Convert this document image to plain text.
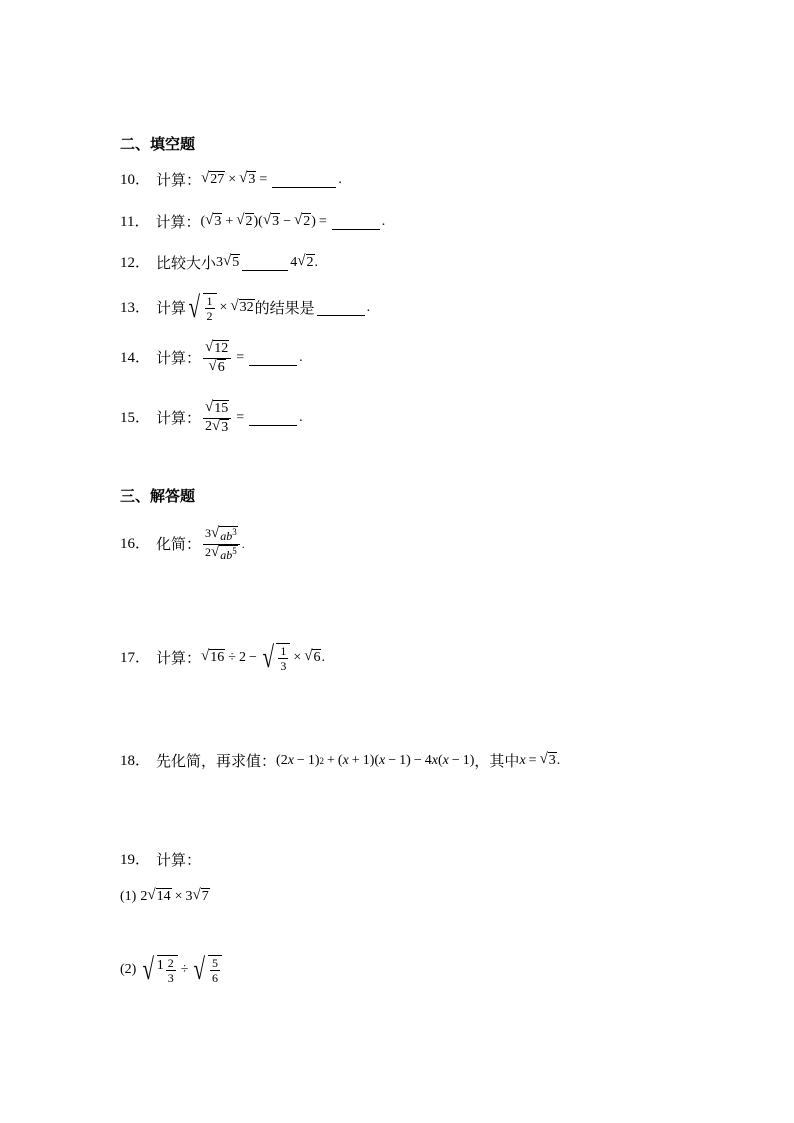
二、填空题
10． 计算： √ 27 × √ 3 =	.
11． 计算： ( √ 3 + √ 2 )( √ 3 − √ 2 ) =	.
12． 比较大小 3 √ 5	4 √ 2 .
13． 计算 √ $\frac{1}{2}$ × √ 32 的结果是	.
14． 计算： $\frac{√ 12}{√ 6}$ =	.
15． 计算： $\frac{√ 15}{2 √ 3}$ =	.
三、解答题
16． 化简： $\frac{3 √ ab^3}{2 √ ab^5}$ .
17． 计算： √ 16 ÷ 2 − √ $\frac{1}{3}$ × √ 6 .
18． 先化简，再求值： (2 x − 1) 2 + ( x + 1)( x − 1) − 4 x ( x − 1) ，其中 x = √ 3 .
19． 计算：
(1) 2 √ 14 × 3 √ 7
(2) √ $1 \frac{2}{3}$ ÷ √ $\frac{5}{6}$
